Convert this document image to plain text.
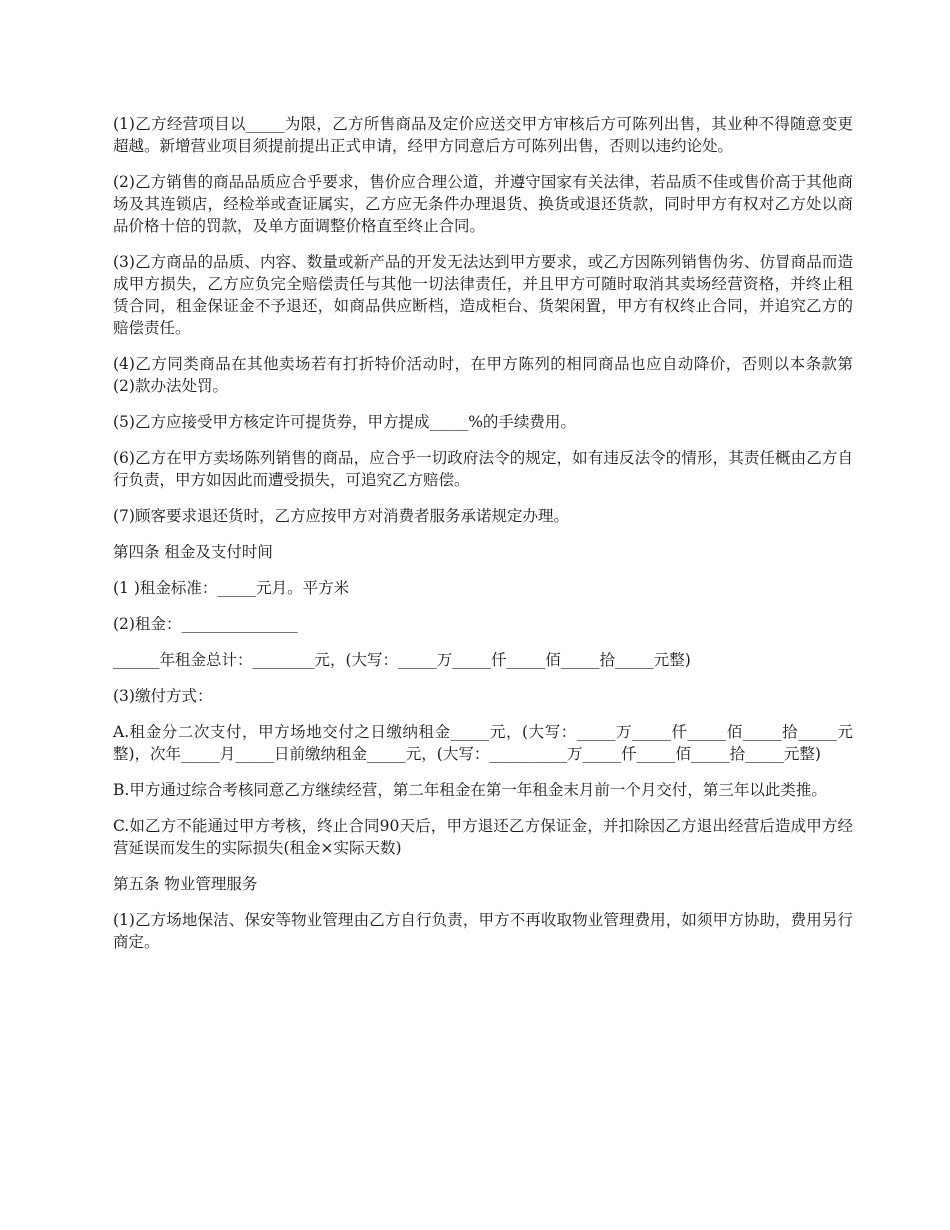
(1)乙方经营项目以_____为限，乙方所售商品及定价应送交甲方审核后方可陈列出售，其业种不得随意变更超越。新增营业项目须提前提出正式申请，经甲方同意后方可陈列出售，否则以违约论处。

(2)乙方销售的商品品质应合乎要求，售价应合理公道，并遵守国家有关法律，若品质不佳或售价高于其他商场及其连锁店，经检举或查证属实，乙方应无条件办理退货、换货或退还货款，同时甲方有权对乙方处以商品价格十倍的罚款，及单方面调整价格直至终止合同。

(3)乙方商品的品质、内容、数量或新产品的开发无法达到甲方要求，或乙方因陈列销售伪劣、仿冒商品而造成甲方损失，乙方应负完全赔偿责任与其他一切法律责任，并且甲方可随时取消其卖场经营资格，并终止租赁合同，租金保证金不予退还，如商品供应断档，造成柜台、货架闲置，甲方有权终止合同，并追究乙方的赔偿责任。

(4)乙方同类商品在其他卖场若有打折特价活动时，在甲方陈列的相同商品也应自动降价，否则以本条款第(2)款办法处罚。

(5)乙方应接受甲方核定许可提货券，甲方提成_____%的手续费用。

(6)乙方在甲方卖场陈列销售的商品，应合乎一切政府法令的规定，如有违反法令的情形，其责任概由乙方自行负责，甲方如因此而遭受损失，可追究乙方赔偿。

(7)顾客要求退还货时，乙方应按甲方对消费者服务承诺规定办理。

第四条 租金及支付时间

(1 )租金标准：_____元月。平方米

(2)租金：_______________

______年租金总计：________元，(大写：_____万_____仟_____佰_____拾_____元整)

(3)缴付方式：

A.租金分二次支付，甲方场地交付之日缴纳租金_____元，(大写：_____万_____仟_____佰_____拾_____元整)，次年_____月_____日前缴纳租金_____元，(大写：__________万_____仟_____佰_____拾_____元整)

B.甲方通过综合考核同意乙方继续经营，第二年租金在第一年租金末月前一个月交付，第三年以此类推。

C.如乙方不能通过甲方考核，终止合同90天后，甲方退还乙方保证金，并扣除因乙方退出经营后造成甲方经营延误而发生的实际损失(租金×实际天数)

第五条 物业管理服务

(1)乙方场地保洁、保安等物业管理由乙方自行负责，甲方不再收取物业管理费用，如须甲方协助，费用另行商定。
